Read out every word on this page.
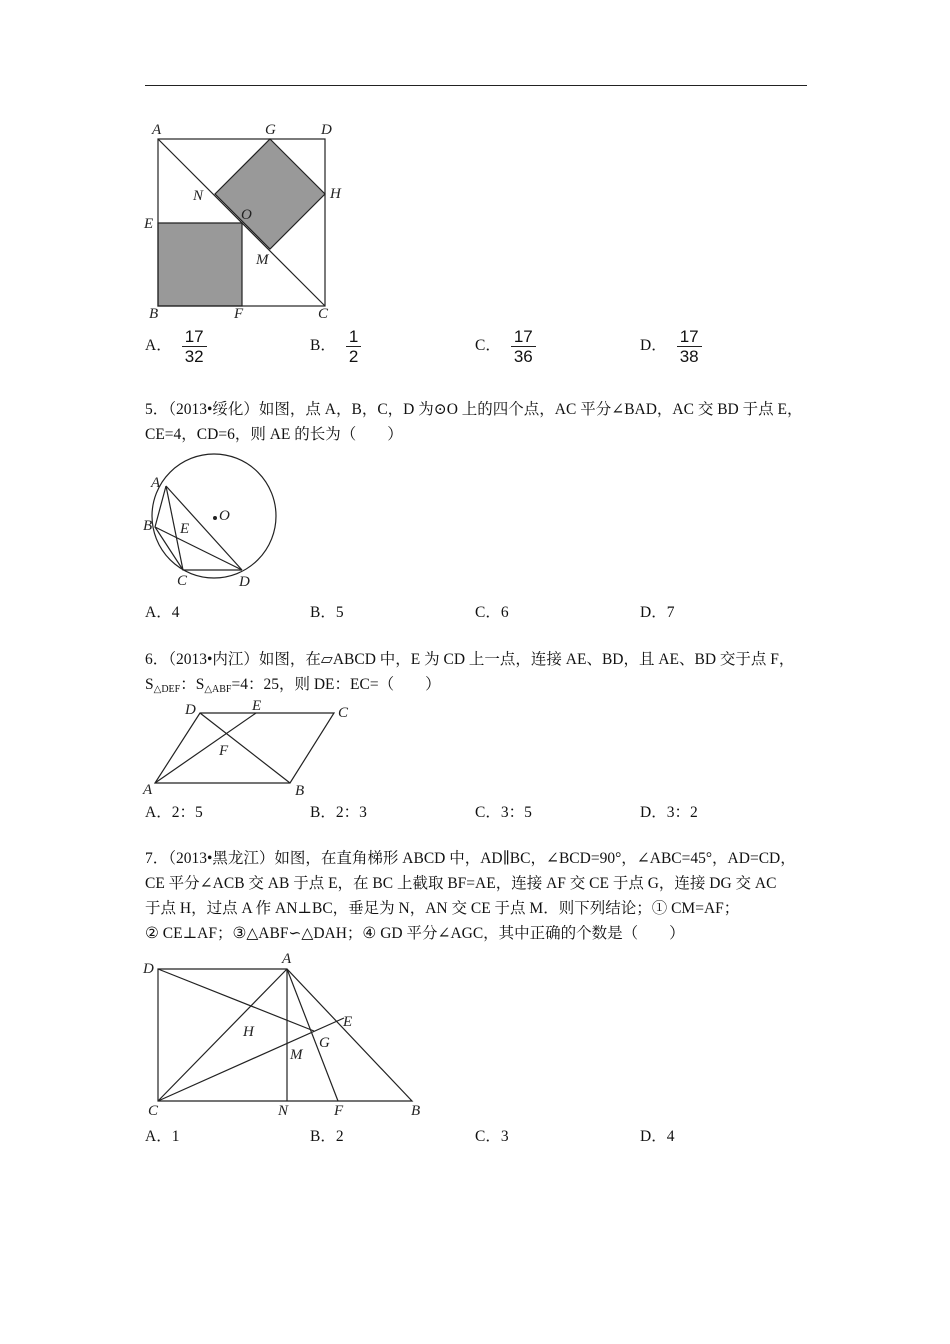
A	G	D
N	H
E
O
M
B	F	C
A． $\frac{17}{32}$	B． $\frac{1}{2}$	C． $\frac{17}{36}$	D． $\frac{17}{38}$
5．（2013•绥化）如图，点 A，B，C，D 为⊙O 上的四个点，AC 平分∠BAD，AC 交 BD 于点 E，
CE=4，CD=6，则 AE 的长为（　　）
A
B E
O
C	D
A．4	B．5	C．6	D．7
6．（2013•内江）如图，在▱ABCD 中，E 为 CD 上一点，连接 AE、BD，且 AE、BD 交于点 F，
$S_{\triangle DEF}$：$S_{\triangle ABF}=4$：25，则 DE：EC=（　　）
D	E	C
F
A	B
A．2：5	B．2：3	C．3：5	D．3：2
7．（2013•黑龙江）如图，在直角梯形 ABCD 中，AD∥BC，∠BCD=90°，∠ABC=45°，AD=CD，
CE 平分∠ACB 交 AB 于点 E，在 BC 上截取 BF=AE，连接 AF 交 CE 于点 G，连接 DG 交 AC
于点 H，过点 A 作 AN⊥BC，垂足为 N，AN 交 CE 于点 M．则下列结论；① CM=AF；
② CE⊥AF；③△ABF∽△DAH；④ GD 平分∠AGC，其中正确的个数是（　　）
D
A
E
H
G
M
C	N	F	B
A．1	B．2	C．3	D．4
